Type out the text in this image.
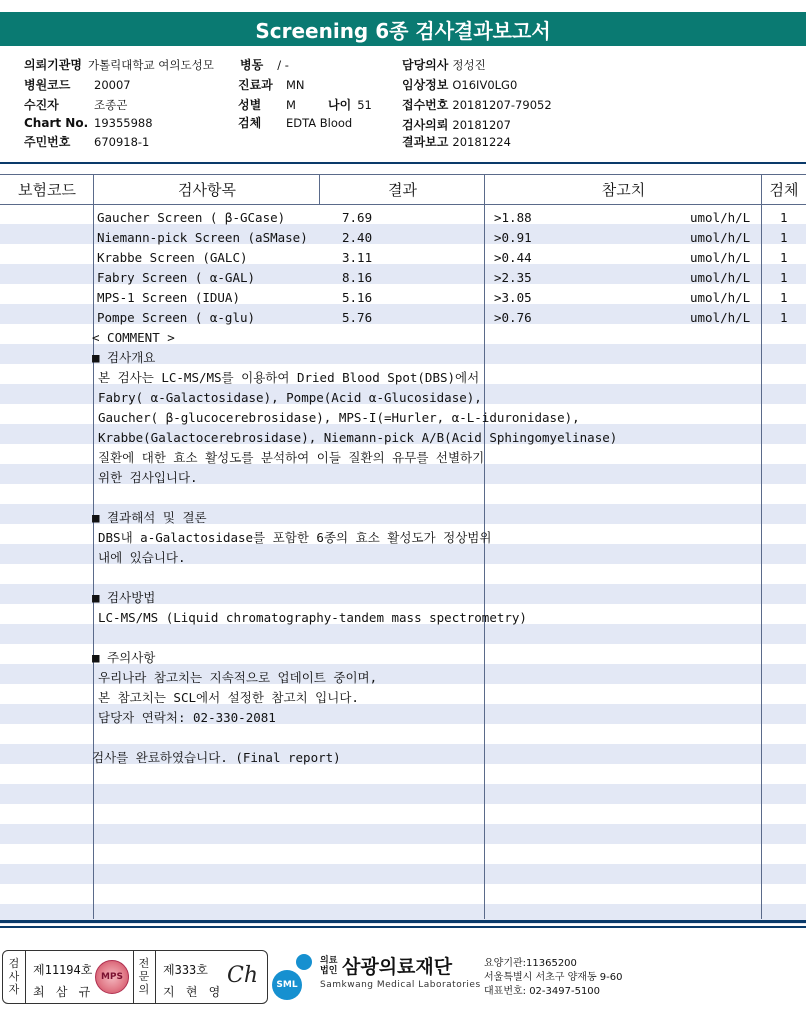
Screening 6종 검사결과보고서
의뢰기관명 가톨릭대학교 여의도성모 병동 / -	담당의사 정성진
병원코드 20007	진료과 MN	임상정보 O16IV0LG0
수진자	조종곤	성별 M	나이 51	접수번호 20181207-79052
Chart No. 19355988	검체 EDTA Blood	검사의뢰 20181207
주민번호 670918-1	결과보고 20181224
보험코드	검사항목	결과	참고치	검체
Gaucher Screen ( β-GCase)	7.69	>1.88	umol/h/L 1
Niemann-pick Screen (aSMase)	2.40	>0.91	umol/h/L 1
Krabbe Screen (GALC)	3.11	>0.44	umol/h/L 1
Fabry Screen ( α-GAL)	8.16	>2.35	umol/h/L 1
MPS-1 Screen (IDUA)	5.16	>3.05	umol/h/L 1
Pompe Screen ( α-glu)	5.76	>0.76	umol/h/L 1
< COMMENT >
■ 검사개요
본 검사는 LC-MS/MS를 이용하여 Dried Blood Spot(DBS)에서
Fabry( α-Galactosidase), Pompe(Acid α-Glucosidase),
Gaucher( β-glucocerebrosidase), MPS-I(=Hurler, α-L-iduronidase),
Krabbe(Galactocerebrosidase), Niemann-pick A/B(Acid Sphingomyelinase)
질환에 대한 효소 활성도를 분석하여 이들 질환의 유무를 선별하기
위한 검사입니다.
■ 결과해석 및 결론
DBS내 a-Galactosidase를 포함한 6종의 효소 활성도가 정상범위
내에 있습니다.
■ 검사방법
LC-MS/MS (Liquid chromatography-tandem mass spectrometry)
■ 주의사항
우리나라 참고치는 지속적으로 업데이트 중이며,
본 참고치는 SCL에서 설정한 참고치 입니다.
담당자 연락처: 02-330-2081
검사를 완료하였습니다. (Final report)
검사자
제11194호
최 삼 규
MPS
전문의
제333호
지 현 영
Ch	SML
의료
법인 삼광의료재단
Samkwang Medical Laboratories
요양기관:11365200
서울특별시 서초구 양재동 9-60
대표번호: 02-3497-5100
